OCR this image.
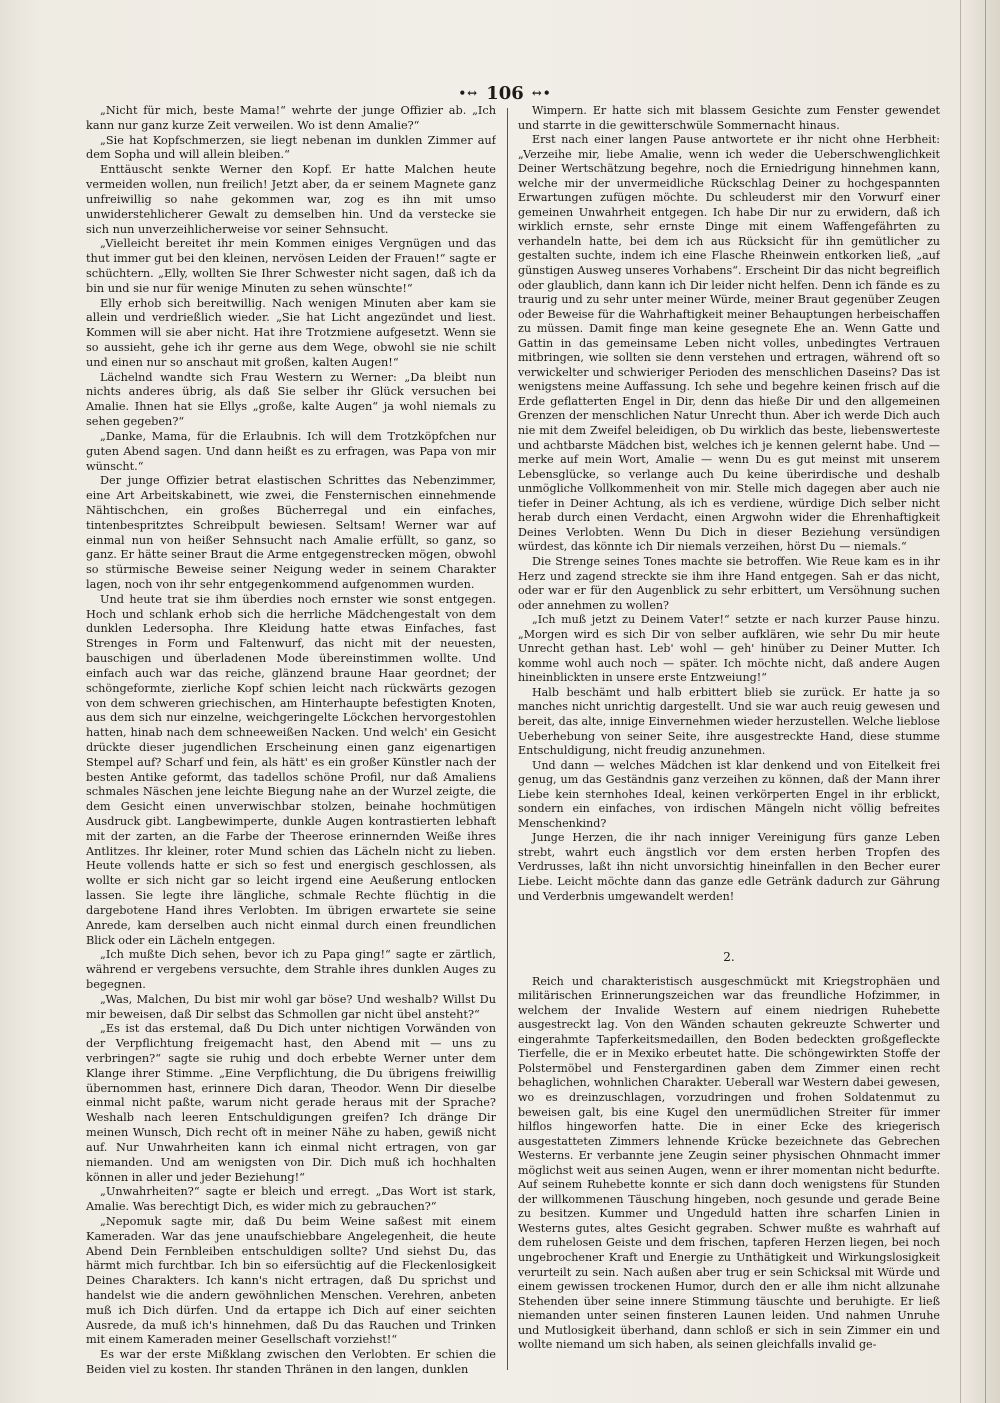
•↔ 106 ↔•

„Nicht für mich, beste Mama!“ wehrte der junge Offizier ab. „Ich kann nur ganz kurze Zeit verweilen. Wo ist denn Amalie?“

„Sie hat Kopfschmerzen, sie liegt nebenan im dunklen Zimmer auf dem Sopha und will allein bleiben.“

Enttäuscht senkte Werner den Kopf. Er hatte Malchen heute vermeiden wollen, nun freilich! Jetzt aber, da er seinem Magnete ganz unfreiwillig so nahe gekommen war, zog es ihn mit umso unwiderstehlicherer Gewalt zu demselben hin. Und da verstecke sie sich nun unverzeihlicherweise vor seiner Sehnsucht.

„Vielleicht bereitet ihr mein Kommen einiges Vergnügen und das thut immer gut bei den kleinen, nervösen Leiden der Frauen!“ sagte er schüchtern. „Elly, wollten Sie Ihrer Schwester nicht sagen, daß ich da bin und sie nur für wenige Minuten zu sehen wünschte!“

Elly erhob sich bereitwillig. Nach wenigen Minuten aber kam sie allein und verdrießlich wieder. „Sie hat Licht angezündet und liest. Kommen will sie aber nicht. Hat ihre Trotzmiene aufgesetzt. Wenn sie so aussieht, gehe ich ihr gerne aus dem Wege, obwohl sie nie schilt und einen nur so anschaut mit großen, kalten Augen!“

Lächelnd wandte sich Frau Western zu Werner: „Da bleibt nun nichts anderes übrig, als daß Sie selber ihr Glück versuchen bei Amalie. Ihnen hat sie Ellys „große, kalte Augen“ ja wohl niemals zu sehen gegeben?“

„Danke, Mama, für die Erlaubnis. Ich will dem Trotzköpfchen nur guten Abend sagen. Und dann heißt es zu erfragen, was Papa von mir wünscht.“

Der junge Offizier betrat elastischen Schrittes das Nebenzimmer, eine Art Arbeitskabinett, wie zwei, die Fensternischen einnehmende Nähtischchen, ein großes Bücherregal und ein einfaches, tintenbespritztes Schreibpult bewiesen. Seltsam! Werner war auf einmal nun von heißer Sehnsucht nach Amalie erfüllt, so ganz, so ganz. Er hätte seiner Braut die Arme entgegenstrecken mögen, obwohl so stürmische Beweise seiner Neigung weder in seinem Charakter lagen, noch von ihr sehr entgegenkommend aufgenommen wurden.

Und heute trat sie ihm überdies noch ernster wie sonst entgegen. Hoch und schlank erhob sich die herrliche Mädchengestalt von dem dunklen Ledersopha. Ihre Kleidung hatte etwas Einfaches, fast Strenges in Form und Faltenwurf, das nicht mit der neuesten, bauschigen und überladenen Mode übereinstimmen wollte. Und einfach auch war das reiche, glänzend braune Haar geordnet; der schöngeformte, zierliche Kopf schien leicht nach rückwärts gezogen von dem schweren griechischen, am Hinterhaupte befestigten Knoten, aus dem sich nur einzelne, weichgeringelte Löckchen hervorgestohlen hatten, hinab nach dem schneeweißen Nacken. Und welch' ein Gesicht drückte dieser jugendlichen Erscheinung einen ganz eigenartigen Stempel auf? Scharf und fein, als hätt' es ein großer Künstler nach der besten Antike geformt, das tadellos schöne Profil, nur daß Amaliens schmales Näschen jene leichte Biegung nahe an der Wurzel zeigte, die dem Gesicht einen unverwischbar stolzen, beinahe hochmütigen Ausdruck gibt. Langbewimperte, dunkle Augen kontrastierten lebhaft mit der zarten, an die Farbe der Theerose erinnernden Weiße ihres Antlitzes. Ihr kleiner, roter Mund schien das Lächeln nicht zu lieben. Heute vollends hatte er sich so fest und energisch geschlossen, als wollte er sich nicht gar so leicht irgend eine Aeußerung entlocken lassen. Sie legte ihre längliche, schmale Rechte flüchtig in die dargebotene Hand ihres Verlobten. Im übrigen erwartete sie seine Anrede, kam derselben auch nicht einmal durch einen freundlichen Blick oder ein Lächeln entgegen.

„Ich mußte Dich sehen, bevor ich zu Papa ging!“ sagte er zärtlich, während er vergebens versuchte, dem Strahle ihres dunklen Auges zu begegnen.

„Was, Malchen, Du bist mir wohl gar böse? Und weshalb? Willst Du mir beweisen, daß Dir selbst das Schmollen gar nicht übel ansteht?“

„Es ist das erstemal, daß Du Dich unter nichtigen Vorwänden von der Verpflichtung freigemacht hast, den Abend mit — uns zu verbringen?“ sagte sie ruhig und doch erbebte Werner unter dem Klange ihrer Stimme. „Eine Verpflichtung, die Du übrigens freiwillig übernommen hast, erinnere Dich daran, Theodor. Wenn Dir dieselbe einmal nicht paßte, warum nicht gerade heraus mit der Sprache? Weshalb nach leeren Entschuldigungen greifen? Ich dränge Dir meinen Wunsch, Dich recht oft in meiner Nähe zu haben, gewiß nicht auf. Nur Unwahrheiten kann ich einmal nicht ertragen, von gar niemanden. Und am wenigsten von Dir. Dich muß ich hochhalten können in aller und jeder Beziehung!“

„Unwahrheiten?“ sagte er bleich und erregt. „Das Wort ist stark, Amalie. Was berechtigt Dich, es wider mich zu gebrauchen?“

„Nepomuk sagte mir, daß Du beim Weine saßest mit einem Kameraden. War das jene unaufschiebbare Angelegenheit, die heute Abend Dein Fernbleiben entschuldigen sollte? Und siehst Du, das härmt mich furchtbar. Ich bin so eifersüchtig auf die Fleckenlosigkeit Deines Charakters. Ich kann's nicht ertragen, daß Du sprichst und handelst wie die andern gewöhnlichen Menschen. Verehren, anbeten muß ich Dich dürfen. Und da ertappe ich Dich auf einer seichten Ausrede, da muß ich's hinnehmen, daß Du das Rauchen und Trinken mit einem Kameraden meiner Gesellschaft vorziehst!“

Es war der erste Mißklang zwischen den Verlobten. Er schien die Beiden viel zu kosten. Ihr standen Thränen in den langen, dunklen

Wimpern. Er hatte sich mit blassem Gesichte zum Fenster gewendet und starrte in die gewitterschwüle Sommernacht hinaus.

Erst nach einer langen Pause antwortete er ihr nicht ohne Herbheit: „Verzeihe mir, liebe Amalie, wenn ich weder die Ueberschwenglichkeit Deiner Wertschätzung begehre, noch die Erniedrigung hinnehmen kann, welche mir der unvermeidliche Rückschlag Deiner zu hochgespannten Erwartungen zufügen möchte. Du schleuderst mir den Vorwurf einer gemeinen Unwahrheit entgegen. Ich habe Dir nur zu erwidern, daß ich wirklich ernste, sehr ernste Dinge mit einem Waffengefährten zu verhandeln hatte, bei dem ich aus Rücksicht für ihn gemütlicher zu gestalten suchte, indem ich eine Flasche Rheinwein entkorken ließ, „auf günstigen Ausweg unseres Vorhabens“. Erscheint Dir das nicht begreiflich oder glaublich, dann kann ich Dir leider nicht helfen. Denn ich fände es zu traurig und zu sehr unter meiner Würde, meiner Braut gegenüber Zeugen oder Beweise für die Wahrhaftigkeit meiner Behauptungen herbeischaffen zu müssen. Damit finge man keine gesegnete Ehe an. Wenn Gatte und Gattin in das gemeinsame Leben nicht volles, unbedingtes Vertrauen mitbringen, wie sollten sie denn verstehen und ertragen, während oft so verwickelter und schwieriger Perioden des menschlichen Daseins? Das ist wenigstens meine Auffassung. Ich sehe und begehre keinen frisch auf die Erde geflatterten Engel in Dir, denn das hieße Dir und den allgemeinen Grenzen der menschlichen Natur Unrecht thun. Aber ich werde Dich auch nie mit dem Zweifel beleidigen, ob Du wirklich das beste, liebenswerteste und achtbarste Mädchen bist, welches ich je kennen gelernt habe. Und — merke auf mein Wort, Amalie — wenn Du es gut meinst mit unserem Lebensglücke, so verlange auch Du keine überirdische und deshalb unmögliche Vollkommenheit von mir. Stelle mich dagegen aber auch nie tiefer in Deiner Achtung, als ich es verdiene, würdige Dich selber nicht herab durch einen Verdacht, einen Argwohn wider die Ehrenhaftigkeit Deines Verlobten. Wenn Du Dich in dieser Beziehung versündigen würdest, das könnte ich Dir niemals verzeihen, hörst Du — niemals.“

Die Strenge seines Tones machte sie betroffen. Wie Reue kam es in ihr Herz und zagend streckte sie ihm ihre Hand entgegen. Sah er das nicht, oder war er für den Augenblick zu sehr erbittert, um Versöhnung suchen oder annehmen zu wollen?

„Ich muß jetzt zu Deinem Vater!“ setzte er nach kurzer Pause hinzu. „Morgen wird es sich Dir von selber aufklären, wie sehr Du mir heute Unrecht gethan hast. Leb' wohl — geh' hinüber zu Deiner Mutter. Ich komme wohl auch noch — später. Ich möchte nicht, daß andere Augen hineinblickten in unsere erste Entzweiung!“

Halb beschämt und halb erbittert blieb sie zurück. Er hatte ja so manches nicht unrichtig dargestellt. Und sie war auch reuig gewesen und bereit, das alte, innige Einvernehmen wieder herzustellen. Welche lieblose Ueberhebung von seiner Seite, ihre ausgestreckte Hand, diese stumme Entschuldigung, nicht freudig anzunehmen.

Und dann — welches Mädchen ist klar denkend und von Eitelkeit frei genug, um das Geständnis ganz verzeihen zu können, daß der Mann ihrer Liebe kein sternhohes Ideal, keinen verkörperten Engel in ihr erblickt, sondern ein einfaches, von irdischen Mängeln nicht völlig befreites Menschenkind?

Junge Herzen, die ihr nach inniger Vereinigung fürs ganze Leben strebt, wahrt euch ängstlich vor dem ersten herben Tropfen des Verdrusses, laßt ihn nicht unvorsichtig hineinfallen in den Becher eurer Liebe. Leicht möchte dann das ganze edle Getränk dadurch zur Gährung und Verderbnis umgewandelt werden!

2.

Reich und charakteristisch ausgeschmückt mit Kriegstrophäen und militärischen Erinnerungszeichen war das freundliche Hofzimmer, in welchem der Invalide Western auf einem niedrigen Ruhebette ausgestreckt lag. Von den Wänden schauten gekreuzte Schwerter und eingerahmte Tapferkeitsmedaillen, den Boden bedeckten großgefleckte Tierfelle, die er in Mexiko erbeutet hatte. Die schöngewirkten Stoffe der Polstermöbel und Fenstergardinen gaben dem Zimmer einen recht behaglichen, wohnlichen Charakter. Ueberall war Western dabei gewesen, wo es dreinzuschlagen, vorzudringen und frohen Soldatenmut zu beweisen galt, bis eine Kugel den unermüdlichen Streiter für immer hilflos hingeworfen hatte. Die in einer Ecke des kriegerisch ausgestatteten Zimmers lehnende Krücke bezeichnete das Gebrechen Westerns. Er verbannte jene Zeugin seiner physischen Ohnmacht immer möglichst weit aus seinen Augen, wenn er ihrer momentan nicht bedurfte. Auf seinem Ruhebette konnte er sich dann doch wenigstens für Stunden der willkommenen Täuschung hingeben, noch gesunde und gerade Beine zu besitzen. Kummer und Ungeduld hatten ihre scharfen Linien in Westerns gutes, altes Gesicht gegraben. Schwer mußte es wahrhaft auf dem ruhelosen Geiste und dem frischen, tapferen Herzen liegen, bei noch ungebrochener Kraft und Energie zu Unthätigkeit und Wirkungslosigkeit verurteilt zu sein. Nach außen aber trug er sein Schicksal mit Würde und einem gewissen trockenen Humor, durch den er alle ihm nicht allzunahe Stehenden über seine innere Stimmung täuschte und beruhigte. Er ließ niemanden unter seinen finsteren Launen leiden. Und nahmen Unruhe und Mutlosigkeit überhand, dann schloß er sich in sein Zimmer ein und wollte niemand um sich haben, als seinen gleichfalls invalid ge-
